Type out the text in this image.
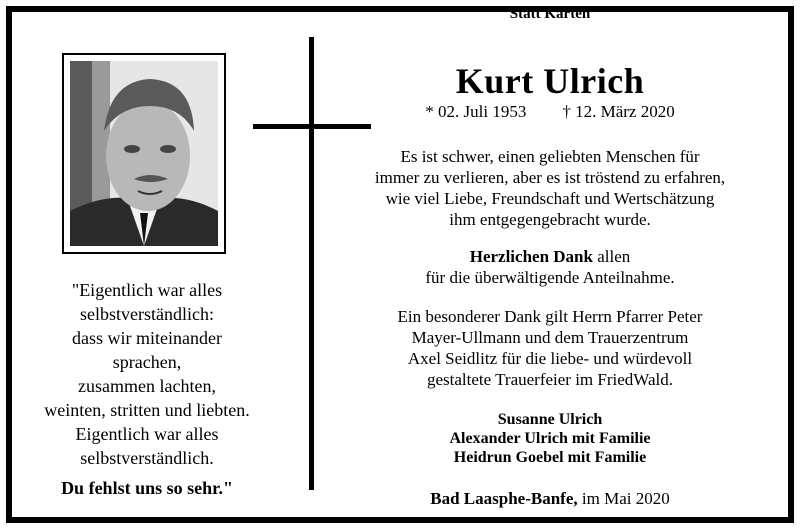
Statt Karten
"Eigentlich war alles
selbstverständlich:
dass wir miteinander
sprachen,
zusammen lachten,
weinten, stritten und liebten.
Eigentlich war alles
selbstverständlich.
Du fehlst uns so sehr."
Kurt Ulrich
* 02. Juli 1953 † 12. März 2020
Es ist schwer, einen geliebten Menschen für
immer zu verlieren, aber es ist tröstend zu erfahren,
wie viel Liebe, Freundschaft und Wertschätzung
ihm entgegengebracht wurde.
Herzlichen Dank allen
für die überwältigende Anteilnahme.
Ein besonderer Dank gilt Herrn Pfarrer Peter
Mayer-Ullmann und dem Trauerzentrum
Axel Seidlitz für die liebe- und würdevoll
gestaltete Trauerfeier im FriedWald.
Susanne Ulrich
Alexander Ulrich mit Familie
Heidrun Goebel mit Familie
Bad Laasphe-Banfe, im Mai 2020
